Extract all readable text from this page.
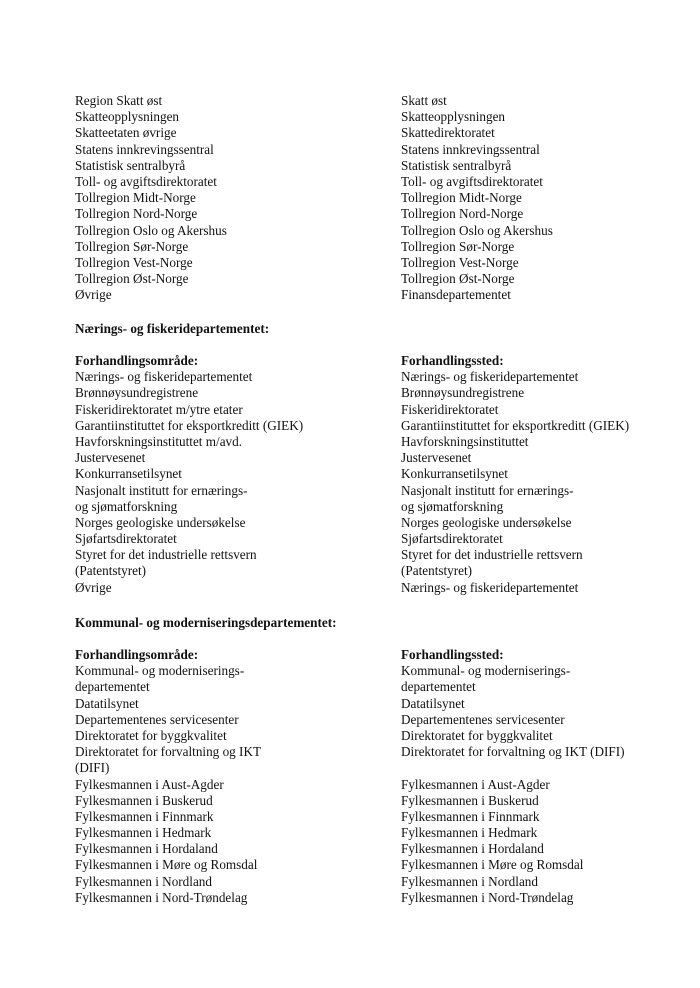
Region Skatt øst
Skatteopplysningen
Skatteetaten øvrige
Statens innkrevingssentral
Statistisk sentralbyrå
Toll- og avgiftsdirektoratet
Tollregion Midt-Norge
Tollregion Nord-Norge
Tollregion Oslo og Akershus
Tollregion Sør-Norge
Tollregion Vest-Norge
Tollregion Øst-Norge
Øvrige
Skatt øst
Skatteopplysningen
Skattedirektoratet
Statens innkrevingssentral
Statistisk sentralbyrå
Toll- og avgiftsdirektoratet
Tollregion Midt-Norge
Tollregion Nord-Norge
Tollregion Oslo og Akershus
Tollregion Sør-Norge
Tollregion Vest-Norge
Tollregion Øst-Norge
Finansdepartementet
Nærings- og fiskeridepartementet:
Forhandlingsområde:
Nærings- og fiskeridepartementet
Brønnøysundregistrene
Fiskeridirektoratet m/ytre etater
Garantiinstituttet for eksportkreditt (GIEK)
Havforskningsinstituttet m/avd.
Justervesenet
Konkurransetilsynet
Nasjonalt institutt for ernærings-
og sjømatforskning
Norges geologiske undersøkelse
Sjøfartsdirektoratet
Styret for det industrielle rettsvern
(Patentstyret)
Øvrige
Forhandlingssted:
Nærings- og fiskeridepartementet
Brønnøysundregistrene
Fiskeridirektoratet
Garantiinstituttet for eksportkreditt (GIEK)
Havforskningsinstituttet
Justervesenet
Konkurransetilsynet
Nasjonalt institutt for ernærings-
og sjømatforskning
Norges geologiske undersøkelse
Sjøfartsdirektoratet
Styret for det industrielle rettsvern
(Patentstyret)
Nærings- og fiskeridepartementet
Kommunal- og moderniseringsdepartementet:
Forhandlingsområde:
Kommunal- og moderniserings-
departementet
Datatilsynet
Departementenes servicesenter
Direktoratet for byggkvalitet
Direktoratet for forvaltning og IKT
(DIFI)
Fylkesmannen i Aust-Agder
Fylkesmannen i Buskerud
Fylkesmannen i Finnmark
Fylkesmannen i Hedmark
Fylkesmannen i Hordaland
Fylkesmannen i Møre og Romsdal
Fylkesmannen i Nordland
Fylkesmannen i Nord-Trøndelag
Forhandlingssted:
Kommunal- og moderniserings-
departementet
Datatilsynet
Departementenes servicesenter
Direktoratet for byggkvalitet
Direktoratet for forvaltning og IKT (DIFI)
Fylkesmannen i Aust-Agder
Fylkesmannen i Buskerud
Fylkesmannen i Finnmark
Fylkesmannen i Hedmark
Fylkesmannen i Hordaland
Fylkesmannen i Møre og Romsdal
Fylkesmannen i Nordland
Fylkesmannen i Nord-Trøndelag
